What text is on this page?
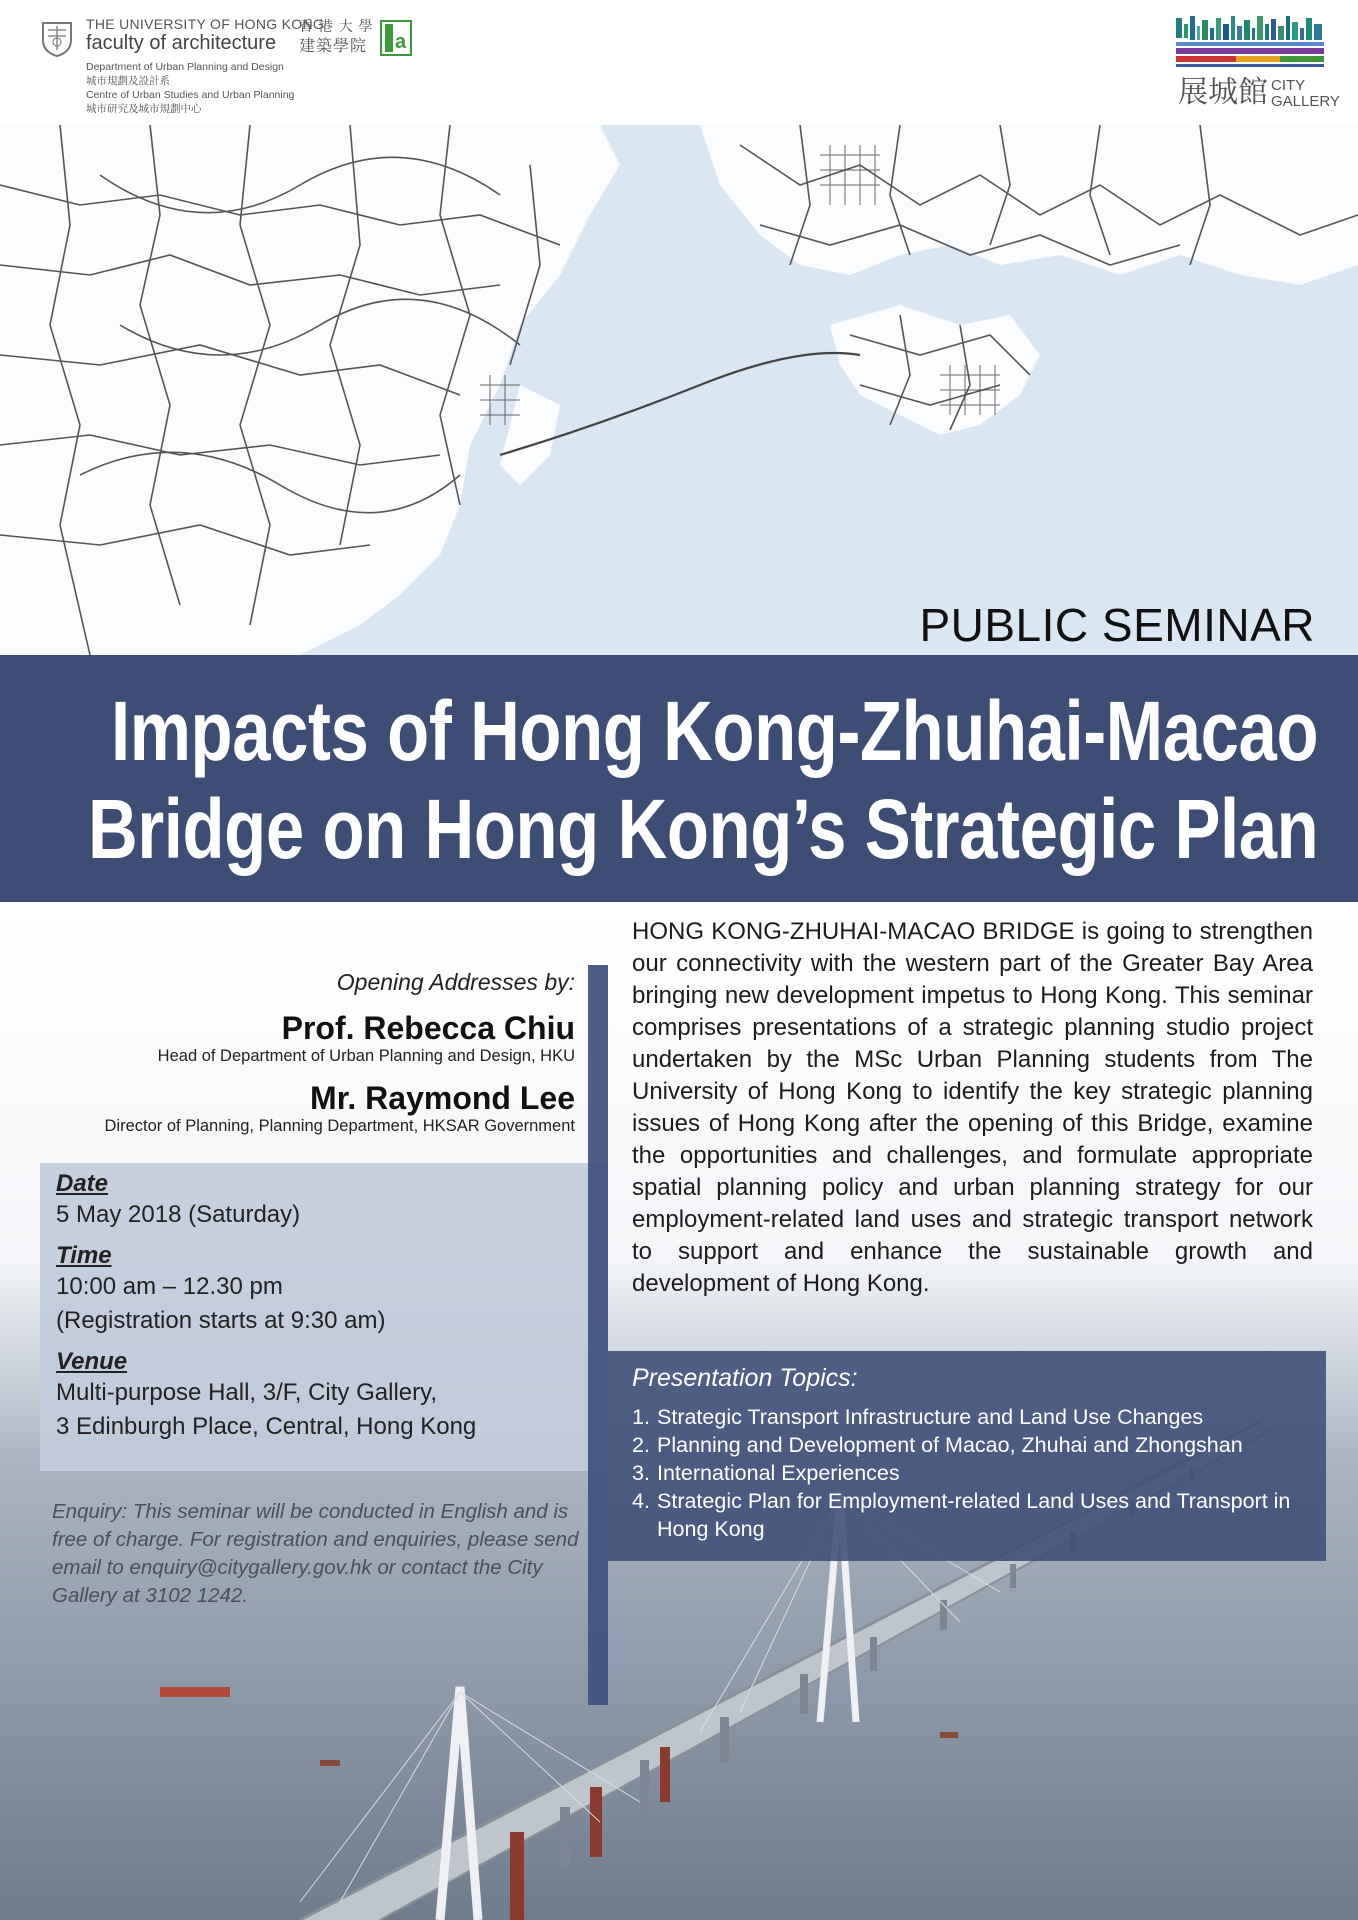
THE UNIVERSITY OF HONG KONG
faculty of architecture
香 港 大 學
建築學院
Department of Urban Planning and Design
城市規劃及設計系
Centre of Urban Studies and Urban Planning
城市研究及城市規劃中心
a
展城館 CITY
GALLERY
PUBLIC SEMINAR
Impacts of Hong Kong-Zhuhai-Macao
Bridge on Hong Kong’s Strategic Plan
Opening Addresses by:
Prof. Rebecca Chiu
Head of Department of Urban Planning and Design, HKU
Mr. Raymond Lee
Director of Planning, Planning Department, HKSAR Government
Date
5 May 2018 (Saturday)
Time
10:00 am – 12.30 pm
(Registration starts at 9:30 am)
Venue
Multi-purpose Hall, 3/F, City Gallery,
3 Edinburgh Place, Central, Hong Kong
Enquiry: This seminar will be conducted in English and is free of charge. For registration and enquiries, please send email to enquiry@citygallery.gov.hk or contact the City Gallery at 3102 1242.
HONG KONG-ZHUHAI-MACAO BRIDGE is going to strengthen our connectivity with the western part of the Greater Bay Area bringing new development impetus to Hong Kong. This seminar comprises presentations of a strategic planning studio project undertaken by the MSc Urban Planning students from The University of Hong Kong to identify the key strategic planning issues of Hong Kong after the opening of this Bridge, examine the opportunities and challenges, and formulate appropriate spatial planning policy and urban planning strategy for our employment-related land uses and strategic transport network to support and enhance the sustainable growth and development of Hong Kong.
Presentation Topics:
1. Strategic Transport Infrastructure and Land Use Changes
2. Planning and Development of Macao, Zhuhai and Zhongshan
3. International Experiences
4. Strategic Plan for Employment-related Land Uses and Transport in Hong Kong
